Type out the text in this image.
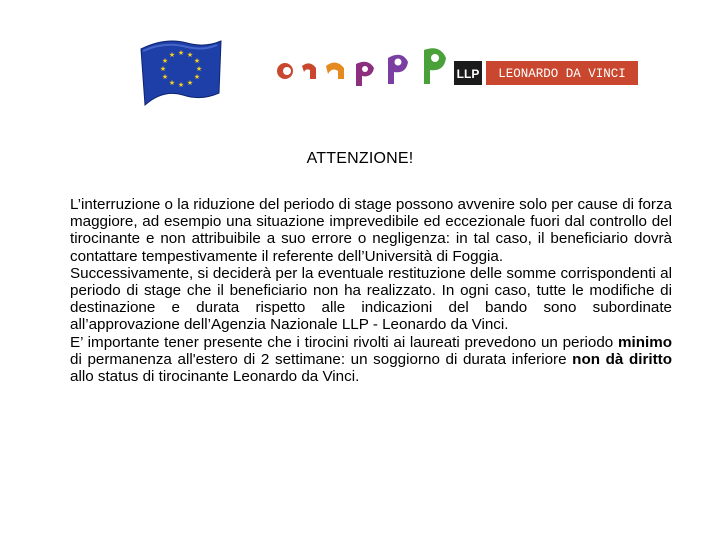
★ ★
★
★
★
★
★
★
★
★
★
★
LLP LEONARDO DA VINCI
ATTENZIONE!

L’interruzione o la riduzione del periodo di stage possono avvenire solo per cause di forza maggiore, ad esempio una situazione imprevedibile ed eccezionale fuori dal controllo del tirocinante e non attribuibile a suo errore o negligenza: in tal caso, il beneficiario dovrà contattare tempestivamente il referente dell’Università di Foggia.

Successivamente, si deciderà per la eventuale restituzione delle somme corrispondenti al periodo di stage che il beneficiario non ha realizzato. In ogni caso, tutte le modifiche di destinazione e durata rispetto alle indicazioni del bando sono subordinate all’approvazione dell’Agenzia Nazionale LLP - Leonardo da Vinci.

E’ importante tener presente che i tirocini rivolti ai laureati prevedono un periodo minimo di permanenza all'estero di 2 settimane: un soggiorno di durata inferiore non dà diritto allo status di tirocinante Leonardo da Vinci.
